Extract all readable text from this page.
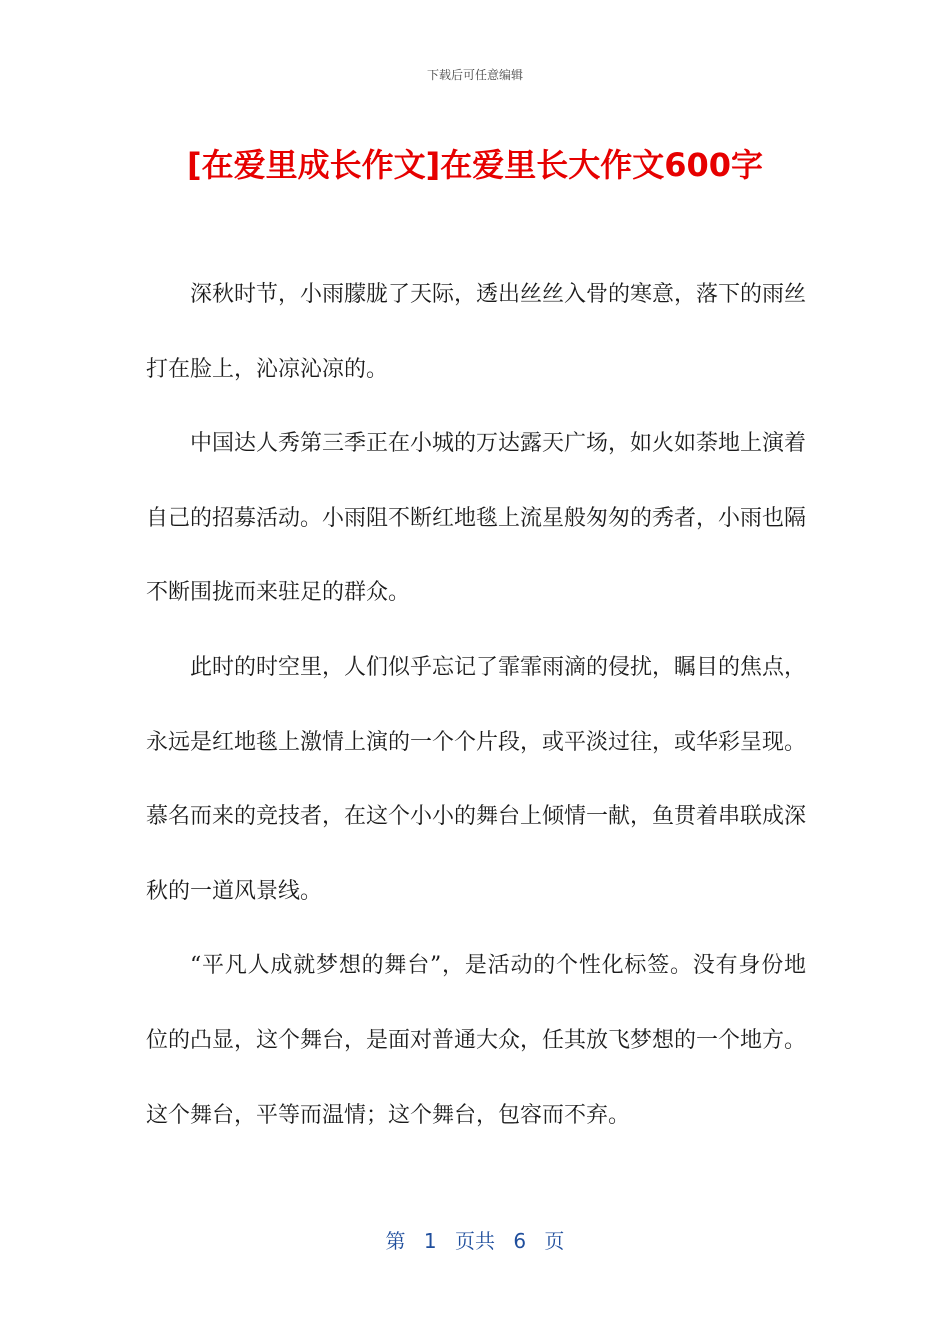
下载后可任意编辑
[在爱里成长作文]在爱里长大作文600字

深秋时节，小雨朦胧了天际，透出丝丝入骨的寒意，落下的雨丝打在脸上，沁凉沁凉的。

中国达人秀第三季正在小城的万达露天广场，如火如荼地上演着自己的招募活动。小雨阻不断红地毯上流星般匆匆的秀者，小雨也隔不断围拢而来驻足的群众。

此时的时空里，人们似乎忘记了霏霏雨滴的侵扰，瞩目的焦点，永远是红地毯上激情上演的一个个片段，或平淡过往，或华彩呈现。慕名而来的竞技者，在这个小小的舞台上倾情一献，鱼贯着串联成深秋的一道风景线。

“平凡人成就梦想的舞台”，是活动的个性化标签。没有身份地位的凸显，这个舞台，是面对普通大众，任其放飞梦想的一个地方。这个舞台，平等而温情；这个舞台，包容而不弃。

第 1 页共 6 页
